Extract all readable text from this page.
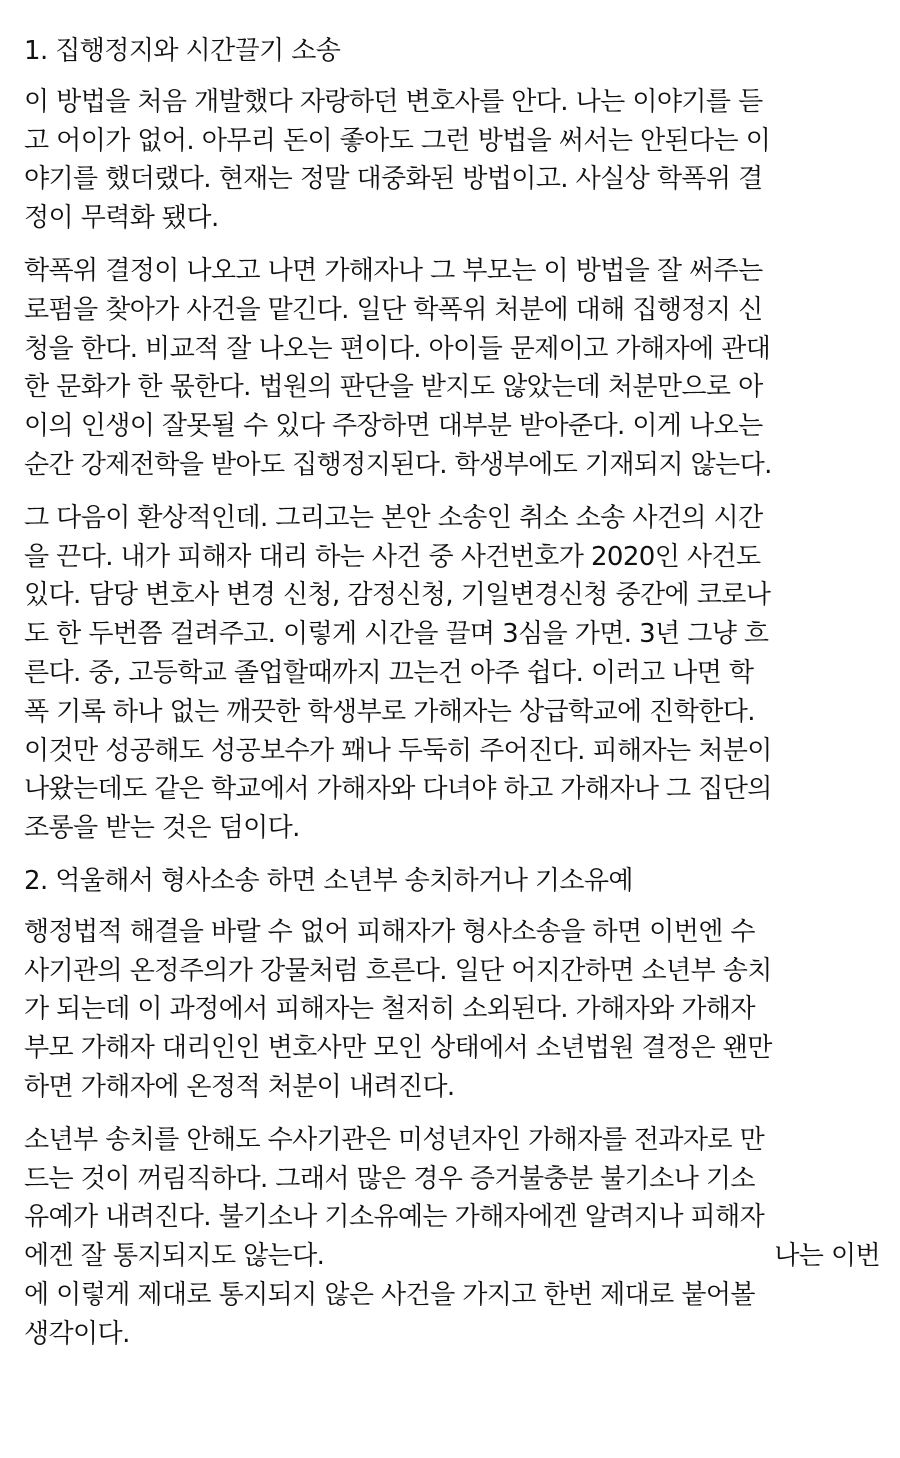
1. 집행정지와 시간끌기 소송
이 방법을 처음 개발했다 자랑하던 변호사를 안다. 나는 이야기를 듣
고 어이가 없어. 아무리 돈이 좋아도 그런 방법을 써서는 안된다는 이
야기를 했더랬다. 현재는 정말 대중화된 방법이고. 사실상 학폭위 결
정이 무력화 됐다.
학폭위 결정이 나오고 나면 가해자나 그 부모는 이 방법을 잘 써주는
로펌을 찾아가 사건을 맡긴다. 일단 학폭위 처분에 대해 집행정지 신
청을 한다. 비교적 잘 나오는 편이다. 아이들 문제이고 가해자에 관대
한 문화가 한 몫한다. 법원의 판단을 받지도 않았는데 처분만으로 아
이의 인생이 잘못될 수 있다 주장하면 대부분 받아준다. 이게 나오는
순간 강제전학을 받아도 집행정지된다. 학생부에도 기재되지 않는다.
그 다음이 환상적인데. 그리고는 본안 소송인 취소 소송 사건의 시간
을 끈다. 내가 피해자 대리 하는 사건 중 사건번호가 2020인 사건도
있다. 담당 변호사 변경 신청, 감정신청, 기일변경신청 중간에 코로나
도 한 두번쯤 걸려주고. 이렇게 시간을 끌며 3심을 가면. 3년 그냥 흐
른다. 중, 고등학교 졸업할때까지 끄는건 아주 쉽다. 이러고 나면 학
폭 기록 하나 없는 깨끗한 학생부로 가해자는 상급학교에 진학한다.
이것만 성공해도 성공보수가 꽤나 두둑히 주어진다. 피해자는 처분이
나왔는데도 같은 학교에서 가해자와 다녀야 하고 가해자나 그 집단의
조롱을 받는 것은 덤이다.
2. 억울해서 형사소송 하면 소년부 송치하거나 기소유예
행정법적 해결을 바랄 수 없어 피해자가 형사소송을 하면 이번엔 수
사기관의 온정주의가 강물처럼 흐른다. 일단 어지간하면 소년부 송치
가 되는데 이 과정에서 피해자는 철저히 소외된다. 가해자와 가해자
부모 가해자 대리인인 변호사만 모인 상태에서 소년법원 결정은 왠만
하면 가해자에 온정적 처분이 내려진다.
소년부 송치를 안해도 수사기관은 미성년자인 가해자를 전과자로 만
드는 것이 꺼림직하다. 그래서 많은 경우 증거불충분 불기소나 기소
유예가 내려진다. 불기소나 기소유예는 가해자에겐 알려지나 피해자
에겐 잘 통지되지도 않는다.	나는 이번
에 이렇게 제대로 통지되지 않은 사건을 가지고 한번 제대로 붙어볼
생각이다.
